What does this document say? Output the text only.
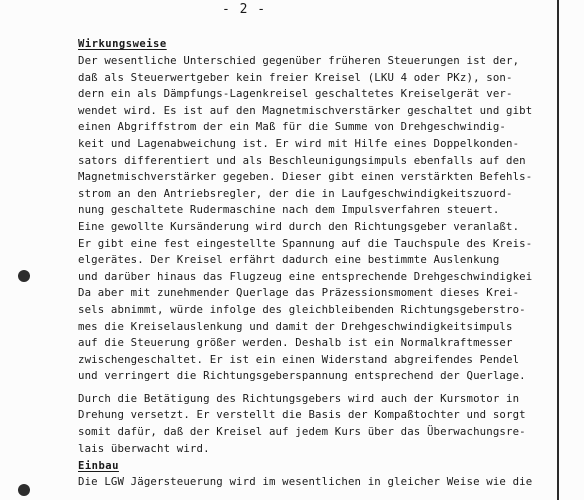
- 2 -
Wirkungsweise
Der wesentliche Unterschied gegenüber früheren Steuerungen ist der,
daß als Steuerwertgeber kein freier Kreisel (LKU 4 oder PKz), son-
dern ein als Dämpfungs-Lagenkreisel geschaltetes Kreiselgerät ver-
wendet wird. Es ist auf den Magnetmischverstärker geschaltet und gibt
einen Abgriffstrom der ein Maß für die Summe von Drehgeschwindig-
keit und Lagenabweichung ist. Er wird mit Hilfe eines Doppelkonden-
sators differentiert und als Beschleunigungsimpuls ebenfalls auf den
Magnetmischverstärker gegeben. Dieser gibt einen verstärkten Befehls-
strom an den Antriebsregler, der die in Laufgeschwindigkeitszuord-
nung geschaltete Rudermaschine nach dem Impulsverfahren steuert.
Eine gewollte Kursänderung wird durch den Richtungsgeber veranlaßt.
Er gibt eine fest eingestellte Spannung auf die Tauchspule des Kreis-
elgerätes. Der Kreisel erfährt dadurch eine bestimmte Auslenkung
und darüber hinaus das Flugzeug eine entsprechende Drehgeschwindigkei
Da aber mit zunehmender Querlage das Präzessionsmoment dieses Krei-
sels abnimmt, würde infolge des gleichbleibenden Richtungsgeberstro-
mes die Kreiselauslenkung und damit der Drehgeschwindigkeitsimpuls
auf die Steuerung größer werden. Deshalb ist ein Normalkraftmesser
zwischengeschaltet. Er ist ein einen Widerstand abgreifendes Pendel
und verringert die Richtungsgeberspannung entsprechend der Querlage.
Durch die Betätigung des Richtungsgebers wird auch der Kursmotor in
Drehung versetzt. Er verstellt die Basis der Kompaßtochter und sorgt
somit dafür, daß der Kreisel auf jedem Kurs über das Überwachungsre-
lais überwacht wird.
Einbau
Die LGW Jägersteuerung wird im wesentlichen in gleicher Weise wie die
